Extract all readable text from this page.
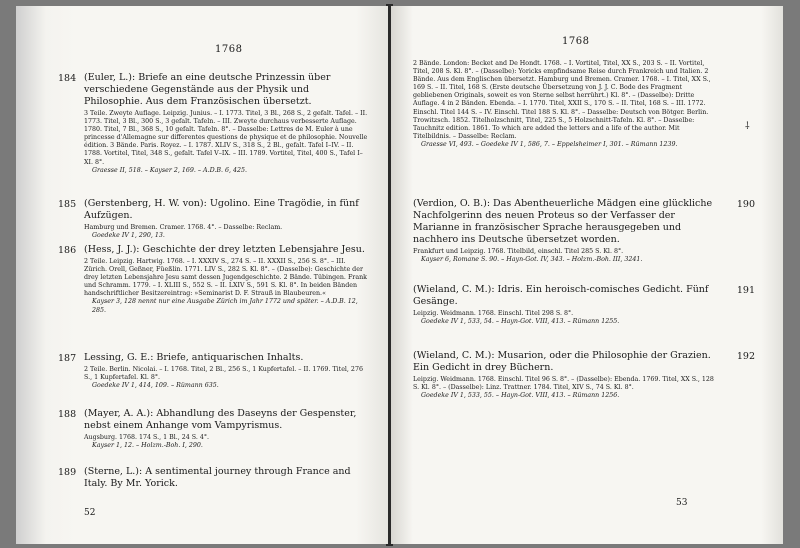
1768
184 (Euler, L.): Briefe an eine deutsche Prinzessin über verschiedene Gegenstände aus der Physik und Philosophie. Aus dem Französischen übersetzt.
3 Teile. Zweyte Auflage. Leipzig. Junius. – I. 1773. Titel, 3 Bl., 268 S., 2 gefalt. Tafel. – II. 1773. Titel, 3 Bl., 300 S., 3 gefalt. Tafeln. – III. Zweyte durchaus verbesserte Auflage. 1780. Titel, 7 Bl., 368 S., 10 gefalt. Tafeln. 8°. – Dasselbe: Lettres de M. Euler à une princesse d'Allemagne sur differentes questions de physique et de philosophie. Nouvelle édition. 3 Bände. Paris. Royez. – I. 1787. XLIV S., 318 S., 2 Bl., gefalt. Tafel I–IV. – II. 1788. Vortitel, Titel, 348 S., gefalt. Tafel V–IX. – III. 1789. Vortitel, Titel, 400 S., Tafel I–XI. 8°.
Graesse II, 518. – Kayser 2, 169. – A.D.B. 6, 425.
185 (Gerstenberg, H. W. von): Ugolino. Eine Tragödie, in fünf Aufzügen.
Hamburg und Bremen. Cramer. 1768. 4°. – Dasselbe: Reclam.
Goedeke IV 1, 290, 13.
186 (Hess, J. J.): Geschichte der drey letzten Lebensjahre Jesu.
2 Teile. Leipzig. Hartwig. 1768. – I. XXXIV S., 274 S. – II. XXXII S., 256 S. 8°. – III. Zürich. Orell, Geßner, Füeßlin. 1771. LIV S., 282 S. Kl. 8°. – (Dasselbe): Geschichte der drey letzten Lebensjahre Jesu samt dessen Jugendgeschichte. 2 Bände. Tübingen. Frank und Schramm. 1779. – I. XLIII S., 552 S. – II. LXIV S., 591 S. Kl. 8°. In beiden Bänden handschriftlicher Besitzereintrag: »Seminarist D. F. Strauß in Blaubeuren.«
Kayser 3, 128 nennt nur eine Ausgabe Zürich im Jahr 1772 und später. – A.D.B. 12, 285.
187 Lessing, G. E.: Briefe, antiquarischen Inhalts.
2 Teile. Berlin. Nicolai. – I. 1768. Titel, 2 Bl., 256 S., 1 Kupfertafel. – II. 1769. Titel, 276 S., 1 Kupfertafel. Kl. 8°.
Goedeke IV 1, 414, 109. – Rümann 635.
188 (Mayer, A. A.): Abhandlung des Daseyns der Gespenster, nebst einem Anhange vom Vampyrismus.
Augsburg. 1768. 174 S., 1 Bl., 24 S. 4°.
Kayser 1, 12. – Holzm.-Boh. I, 290.
189 (Sterne, L.): A sentimental journey through France and Italy. By Mr. Yorick.
52
1768
2 Bände. London: Becket and De Hondt. 1768. – I. Vortitel, Titel, XX S., 203 S. – II. Vortitel, Titel, 208 S. Kl. 8°. – (Dasselbe): Yoricks empfindsame Reise durch Frankreich und Italien. 2 Bände. Aus dem Englischen übersetzt. Hamburg und Bremen. Cramer. 1768. – I. Titel, XX S., 169 S. – II. Titel, 168 S. (Erste deutsche Übersetzung von J. J. C. Bode des Fragment gebliebenen Originals, soweit es von Sterne selbst herrührt.) Kl. 8°. – (Dasselbe): Dritte Auflage. 4 in 2 Bänden. Ebenda. – I. 1770. Titel, XXII S., 170 S. – II. Titel, 168 S. – III. 1772. Einschl. Titel 144 S. – IV. Einschl. Titel 188 S. Kl. 8°. – Dasselbe: Deutsch von Bötger. Berlin. Trowitzsch. 1852. Titelholzschnitt, Titel, 225 S., 5 Holzschnitt-Tafeln. Kl. 8°. – Dasselbe: Tauchnitz edition. 1861. To which are added the letters and a life of the author. Mit Titelbildnis. – Dasselbe: Reclam.
Graesse VI, 493. – Goedeke IV 1, 586, 7. – Eppelsheimer I, 301. – Rümann 1239.
190
(Verdion, O. B.): Das Abentheuerliche Mädgen eine glückliche Nachfolgerinn des neuen Proteus so der Verfasser der Marianne in französischer Sprache herausgegeben und nachhero ins Deutsche übersetzet worden.
Frankfurt und Leipzig. 1768. Titelbild, einschl. Titel 285 S. Kl. 8°.
Kayser 6, Romane S. 90. – Hayn-Got. IV, 343. – Holzm.-Boh. III, 3241.
191
(Wieland, C. M.): Idris. Ein heroisch-comisches Gedicht. Fünf Gesänge.
Leipzig. Weidmann. 1768. Einschl. Titel 298 S. 8°.
Goedeke IV 1, 533, 54. – Hayn-Got. VIII, 413. – Rümann 1255.
192
(Wieland, C. M.): Musarion, oder die Philosophie der Grazien. Ein Gedicht in drey Büchern.
Leipzig. Weidmann. 1768. Einschl. Titel 96 S. 8°. – (Dasselbe): Ebenda. 1769. Titel, XX S., 128 S. Kl. 8°. – (Dasselbe): Linz. Trattner. 1784. Titel, XIV S., 74 S. Kl. 8°.
Goedeke IV 1, 533, 55. – Hayn-Got. VIII, 413. – Rümann 1256.
⸸
53
